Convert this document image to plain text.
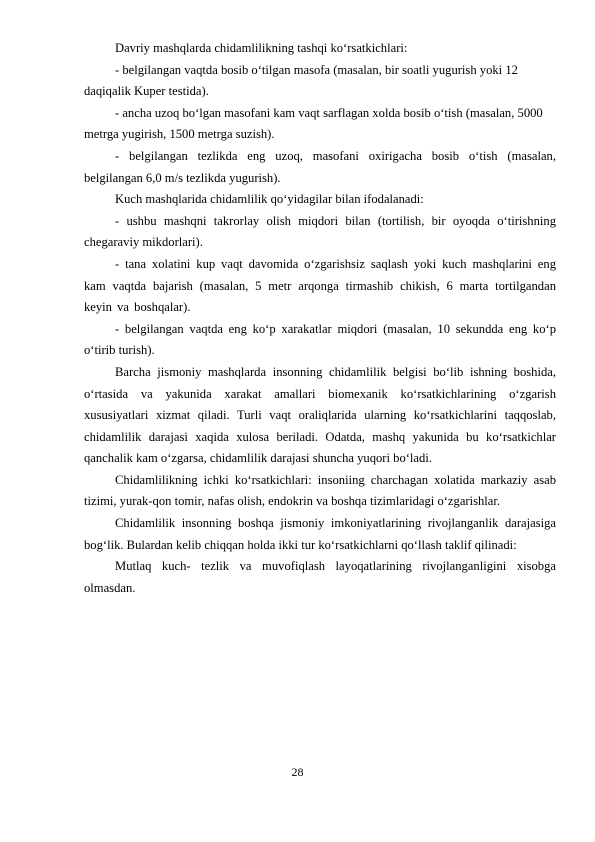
Davriy mashqlarda chidamlilikning tashqi ko‘rsatkichlari:

- belgilangan vaqtda bosib o‘tilgan masofa (masalan, bir soatli yugurish yoki 12 daqiqalik Kuper testida).

- ancha uzoq bo‘lgan masofani kam vaqt sarflagan xolda bosib o‘tish (masalan, 5000 metrga yugirish, 1500 metrga suzish).

- belgilangan tezlikda eng uzoq, masofani oxirigacha bosib o‘tish (masalan, belgilangan 6,0 m/s tezlikda yugurish).

Kuch mashqlarida chidamlilik qo‘yidagilar bilan ifodalanadi:

- ushbu mashqni takrorlay olish miqdori bilan (tortilish, bir oyoqda o‘tirishning chegaraviy mikdorlari).

- tana xolatini kup vaqt davomida o‘zgarishsiz saqlash yoki kuch mashqlarini eng kam vaqtda bajarish (masalan, 5 metr arqonga tirmashib chikish, 6 marta tortilgandan keyin va boshqalar).

- belgilangan vaqtda eng ko‘p xarakatlar miqdori (masalan, 10 sekundda eng ko‘p o‘tirib turish).

Barcha jismoniy mashqlarda insonning chidamlilik belgisi bo‘lib ishning boshida, o‘rtasida va yakunida xarakat amallari biomexanik ko‘rsatkichlarining o‘zgarish xususiyatlari xizmat qiladi. Turli vaqt oraliqlarida ularning ko‘rsatkichlarini taqqoslab, chidamlilik darajasi xaqida xulosa beriladi. Odatda, mashq yakunida bu ko‘rsatkichlar qanchalik kam o‘zgarsa, chidamlilik darajasi shuncha yuqori bo‘ladi.

Chidamlilikning ichki ko‘rsatkichlari: insoniing charchagan xolatida markaziy asab tizimi, yurak-qon tomir, nafas olish, endokrin va boshqa tizimlaridagi o‘zgarishlar.

Chidamlilik insonning boshqa jismoniy imkoniyatlarining rivojlanganlik darajasiga bog‘lik. Bulardan kelib chiqqan holda ikki tur ko‘rsatkichlarni qo‘llash taklif qilinadi:

Mutlaq kuch- tezlik va muvofiqlash layoqatlarining rivojlanganligini xisobga olmasdan.

28
